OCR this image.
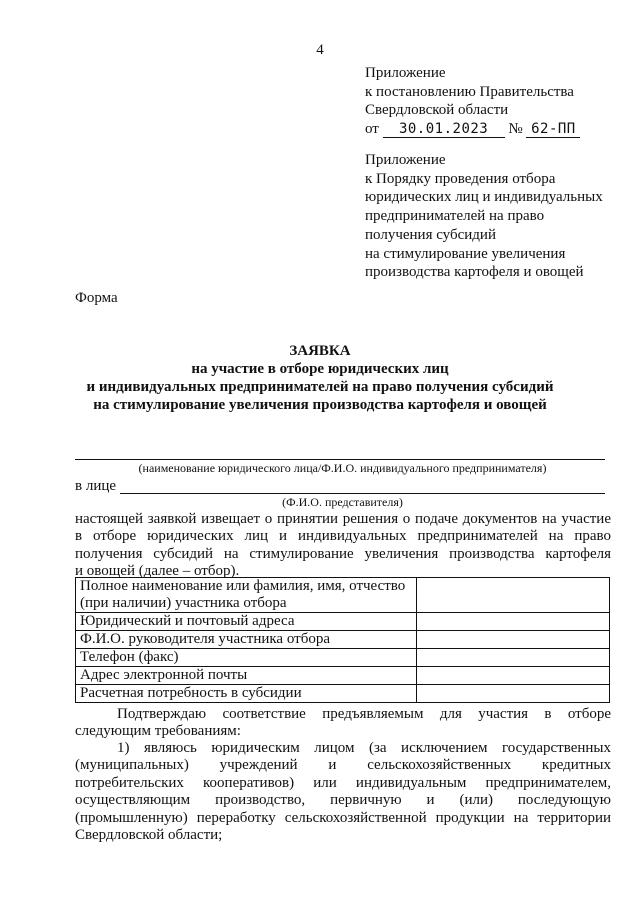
4
Приложение
к постановлению Правительства
Свердловской области
от 30.01.2023 № 62-ПП
Приложение
к Порядку проведения отбора
юридических лиц и индивидуальных
предпринимателей на право
получения субсидий
на стимулирование увеличения
производства картофеля и овощей
Форма
ЗАЯВКА
на участие в отборе юридических лиц
и индивидуальных предпринимателей на право получения субсидий
на стимулирование увеличения производства картофеля и овощей
(наименование юридического лица/Ф.И.О. индивидуального предпринимателя)
в лице
(Ф.И.О. представителя)
настоящей заявкой извещает о принятии решения о подаче документов на участие
в отборе юридических лиц и индивидуальных предпринимателей на право
получения субсидий на стимулирование увеличения производства картофеля
и овощей (далее – отбор).
Полное наименование или фамилия, имя, отчество
(при наличии) участника отбора	

Юридический и почтовый адреса	

Ф.И.О. руководителя участника отбора	

Телефон (факс)	

Адрес электронной почты	

Расчетная потребность в субсидии	

Подтверждаю соответствие предъявляемым для участия в отборе
следующим требованиям:
1) являюсь юридическим лицом (за исключением государственных
(муниципальных) учреждений и сельскохозяйственных кредитных
потребительских кооперативов) или индивидуальным предпринимателем,
осуществляющим производство, первичную и (или) последующую
(промышленную) переработку сельскохозяйственной продукции на территории
Свердловской области;
